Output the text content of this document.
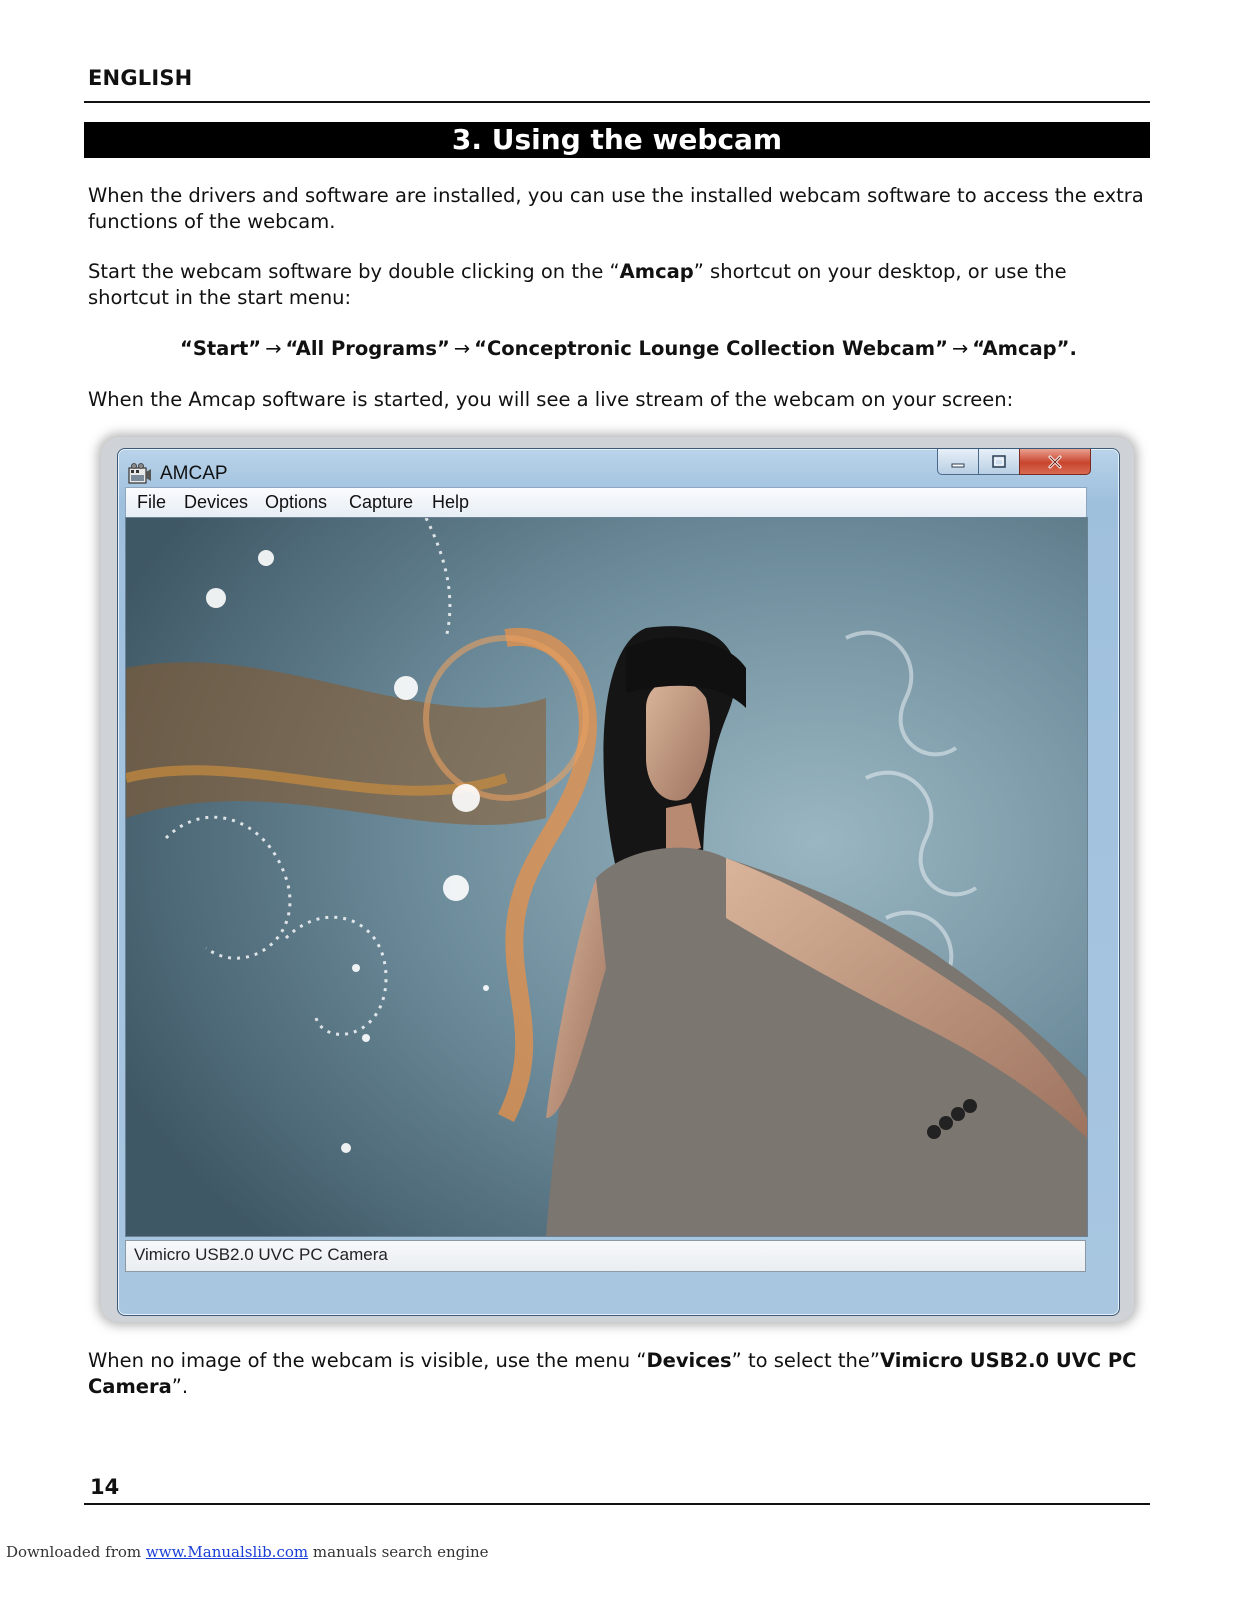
ENGLISH
3. Using the webcam

When the drivers and software are installed, you can use the installed webcam software to access the extra functions of the webcam.

Start the webcam software by double clicking on the “Amcap” shortcut on your desktop, or use the shortcut in the start menu:

“Start” → “All Programs” → “Conceptronic Lounge Collection Webcam” → “Amcap”.

When the Amcap software is started, you will see a live stream of the webcam on your screen:

AMCAP
File Devices Options Capture Help
Vimicro USB2.0 UVC PC Camera

When no image of the webcam is visible, use the menu “Devices” to select the”Vimicro USB2.0 UVC PC Camera”.

14
Downloaded from www.Manualslib.com manuals search engine
